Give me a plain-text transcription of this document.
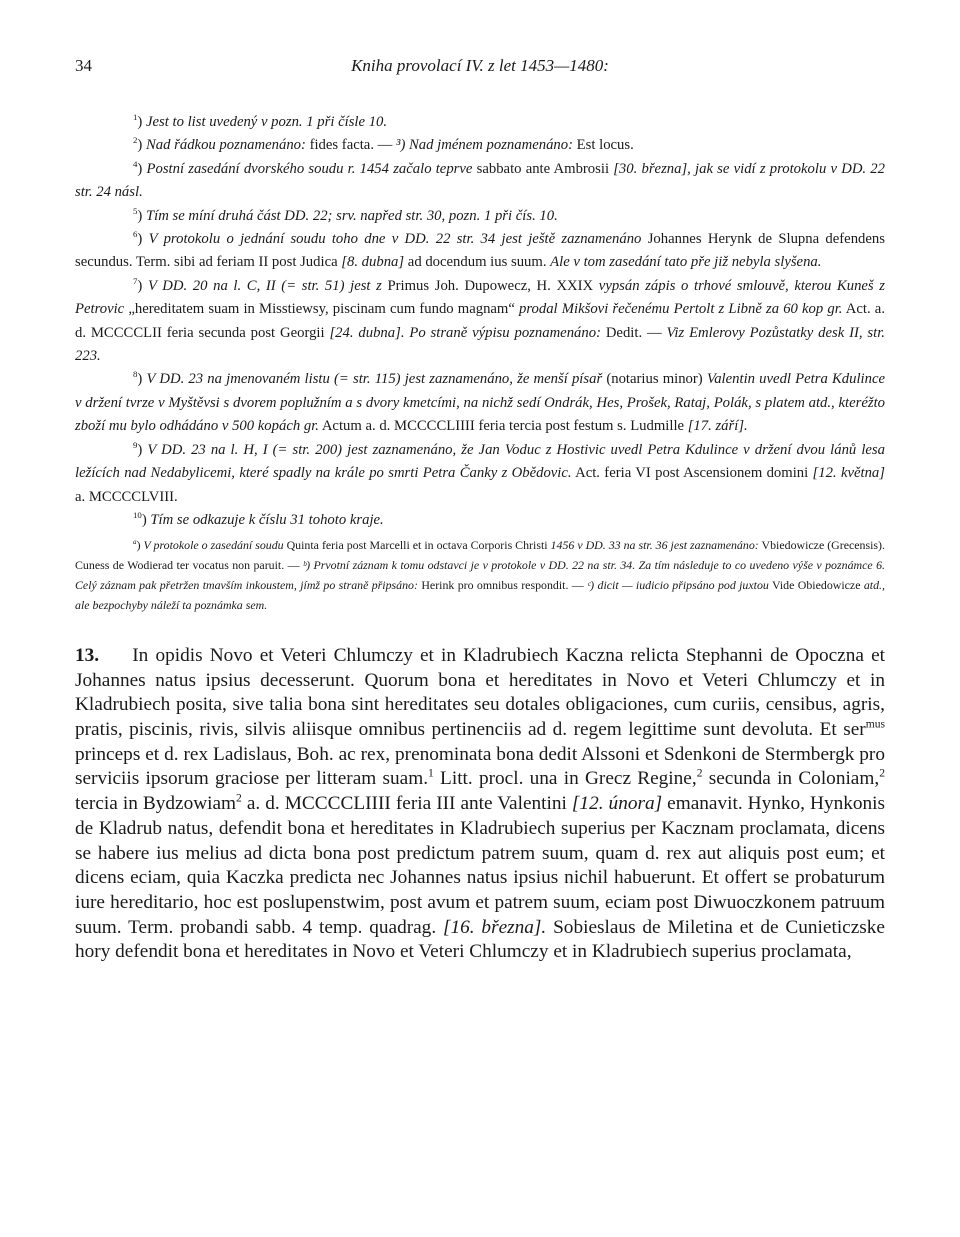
34	Kniha provolací IV. z let 1453—1480:

$^1$) Jest to list uvedený v pozn. 1 při čísle 10.

$^2$) Nad řádkou poznamenáno: fides facta. — ³) Nad jménem poznamenáno: Est locus.

$^4$) Postní zasedání dvorského soudu r. 1454 začalo teprve sabbato ante Ambrosii [30. března], jak se vidí z protokolu v DD. 22 str. 24 násl.

$^5$) Tím se míní druhá část DD. 22; srv. napřed str. 30, pozn. 1 při čís. 10.

$^6$) V protokolu o jednání soudu toho dne v DD. 22 str. 34 jest ještě zaznamenáno Johannes Herynk de Slupna defendens secundus. Term. sibi ad feriam II post Judica [8. dubna] ad docendum ius suum. Ale v tom zasedání tato pře již nebyla slyšena.

$^7$) V DD. 20 na l. C, II (= str. 51) jest z Primus Joh. Dupowecz, H. XXIX vypsán zápis o trhové smlouvě, kterou Kuneš z Petrovic „hereditatem suam in Misstiewsy, piscinam cum fundo magnam“ prodal Mikšovi řečenému Pertolt z Libně za 60 kop gr. Act. a. d. MCCCCLII feria secunda post Georgii [24. dubna]. Po straně výpisu poznamenáno: Dedit. — Viz Emlerovy Pozůstatky desk II, str. 223.

$^8$) V DD. 23 na jmenovaném listu (= str. 115) jest zaznamenáno, že menší písař (notarius minor) Valentin uvedl Petra Kdulince v držení tvrze v Myštěvsi s dvorem poplužním a s dvory kmetcími, na nichž sedí Ondrák, Hes, Prošek, Rataj, Polák, s platem atd., kteréžto zboží mu bylo odhádáno v 500 kopách gr. Actum a. d. MCCCCLIIII feria tercia post festum s. Ludmille [17. září].

$^9$) V DD. 23 na l. H, I (= str. 200) jest zaznamenáno, že Jan Voduc z Hostivic uvedl Petra Kdulince v držení dvou lánů lesa ležících nad Nedabylicemi, které spadly na krále po smrti Petra Čanky z Obědovic. Act. feria VI post Ascensionem domini [12. května] a. MCCCCLVIII.

$^{10}$) Tím se odkazuje k číslu 31 tohoto kraje.

$^a$) V protokole o zasedání soudu Quinta feria post Marcelli et in octava Corporis Christi 1456 v DD. 33 na str. 36 jest zaznamenáno: Vbiedowicze (Grecensis). Cuness de Wodierad ter vocatus non paruit. — ᵇ) Prvotní záznam k tomu odstavci je v protokole v DD. 22 na str. 34. Za tím následuje to co uvedeno výše v poznámce 6. Celý záznam pak přetržen tmavším inkoustem, jímž po straně připsáno: Herink pro omnibus respondit. — ᶜ) dicit — iudicio připsáno pod juxtou Vide Obiedowicze atd., ale bezpochyby náleží ta poznámka sem.

13. In opidis Novo et Veteri Chlumczy et in Kladrubiech Kaczna relicta Stephanni de Opoczna et Johannes natus ipsius decesserunt. Quorum bona et hereditates in Novo et Veteri Chlumczy et in Kladrubiech posita, sive talia bona sint hereditates seu dotales obligaciones, cum curiis, censibus, agris, pratis, piscinis, rivis, silvis aliisque omnibus pertinenciis ad d. regem legittime sunt devoluta. Et ser$^{mus}$ princeps et d. rex Ladislaus, Boh. ac rex, prenominata bona dedit Alssoni et Sdenkoni de Stermbergk pro serviciis ipsorum graciose per litteram suam.$^1$ Litt. procl. una in Grecz Regine,$^2$ secunda in Coloniam,$^2$ tercia in Bydzowiam$^2$ a. d. MCCCCLIIII feria III ante Valentini [12. února] emanavit. Hynko, Hynkonis de Kladrub natus, defendit bona et hereditates in Kladrubiech superius per Kacznam proclamata, dicens se habere ius melius ad dicta bona post predictum patrem suum, quam d. rex aut aliquis post eum; et dicens eciam, quia Kaczka predicta nec Johannes natus ipsius nichil habuerunt. Et offert se probaturum iure hereditario, hoc est poslupenstwim, post avum et patrem suum, eciam post Diwuoczkonem patruum suum. Term. probandi sabb. 4 temp. quadrag. [16. března]. Sobieslaus de Miletina et de Cunieticzske hory defendit bona et hereditates in Novo et Veteri Chlumczy et in Kladrubiech superius proclamata,
